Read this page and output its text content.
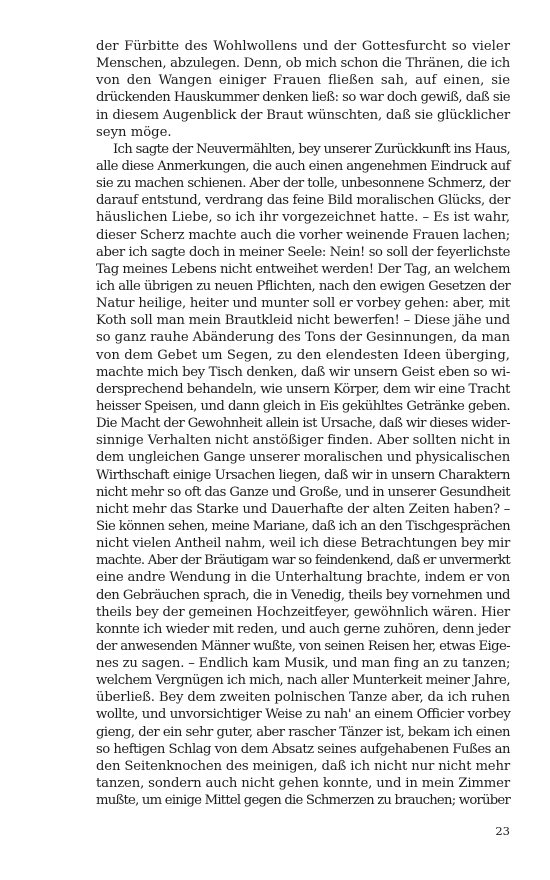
der Fürbitte des Wohlwollens und der Gottesfurcht so vieler
Menschen, abzulegen. Denn, ob mich schon die Thränen, die ich
von den Wangen einiger Frauen fließen sah, auf einen, sie
drückenden Hauskummer denken ließ: so war doch gewiß, daß sie
in diesem Augenblick der Braut wünschten, daß sie glücklicher
seyn möge.
Ich sagte der Neuvermählten, bey unserer Zurückkunft ins Haus,
alle diese Anmerkungen, die auch einen angenehmen Eindruck auf
sie zu machen schienen. Aber der tolle, unbesonnene Schmerz, der
darauf entstund, verdrang das feine Bild moralischen Glücks, der
häuslichen Liebe, so ich ihr vorgezeichnet hatte. – Es ist wahr,
dieser Scherz machte auch die vorher weinende Frauen lachen;
aber ich sagte doch in meiner Seele: Nein! so soll der feyerlichste
Tag meines Lebens nicht entweihet werden! Der Tag, an welchem
ich alle übrigen zu neuen Pflichten, nach den ewigen Gesetzen der
Natur heilige, heiter und munter soll er vorbey gehen: aber, mit
Koth soll man mein Brautkleid nicht bewerfen! – Diese jähe und
so ganz rauhe Abänderung des Tons der Gesinnungen, da man
von dem Gebet um Segen, zu den elendesten Ideen überging,
machte mich bey Tisch denken, daß wir unsern Geist eben so wi-
dersprechend behandeln, wie unsern Körper, dem wir eine Tracht
heisser Speisen, und dann gleich in Eis gekühltes Getränke geben.
Die Macht der Gewohnheit allein ist Ursache, daß wir dieses wider-
sinnige Verhalten nicht anstößiger finden. Aber sollten nicht in
dem ungleichen Gange unserer moralischen und physicalischen
Wirthschaft einige Ursachen liegen, daß wir in unsern Charaktern
nicht mehr so oft das Ganze und Große, und in unserer Gesundheit
nicht mehr das Starke und Dauerhafte der alten Zeiten haben? –
Sie können sehen, meine Mariane, daß ich an den Tischgesprächen
nicht vielen Antheil nahm, weil ich diese Betrachtungen bey mir
machte. Aber der Bräutigam war so feindenkend, daß er unvermerkt
eine andre Wendung in die Unterhaltung brachte, indem er von
den Gebräuchen sprach, die in Venedig, theils bey vornehmen und
theils bey der gemeinen Hochzeitfeyer, gewöhnlich wären. Hier
konnte ich wieder mit reden, und auch gerne zuhören, denn jeder
der anwesenden Männer wußte, von seinen Reisen her, etwas Eige-
nes zu sagen. – Endlich kam Musik, und man fing an zu tanzen;
welchem Vergnügen ich mich, nach aller Munterkeit meiner Jahre,
überließ. Bey dem zweiten polnischen Tanze aber, da ich ruhen
wollte, und unvorsichtiger Weise zu nah' an einem Officier vorbey
gieng, der ein sehr guter, aber rascher Tänzer ist, bekam ich einen
so heftigen Schlag von dem Absatz seines aufgehabenen Fußes an
den Seitenknochen des meinigen, daß ich nicht nur nicht mehr
tanzen, sondern auch nicht gehen konnte, und in mein Zimmer
mußte, um einige Mittel gegen die Schmerzen zu brauchen; worüber
23
